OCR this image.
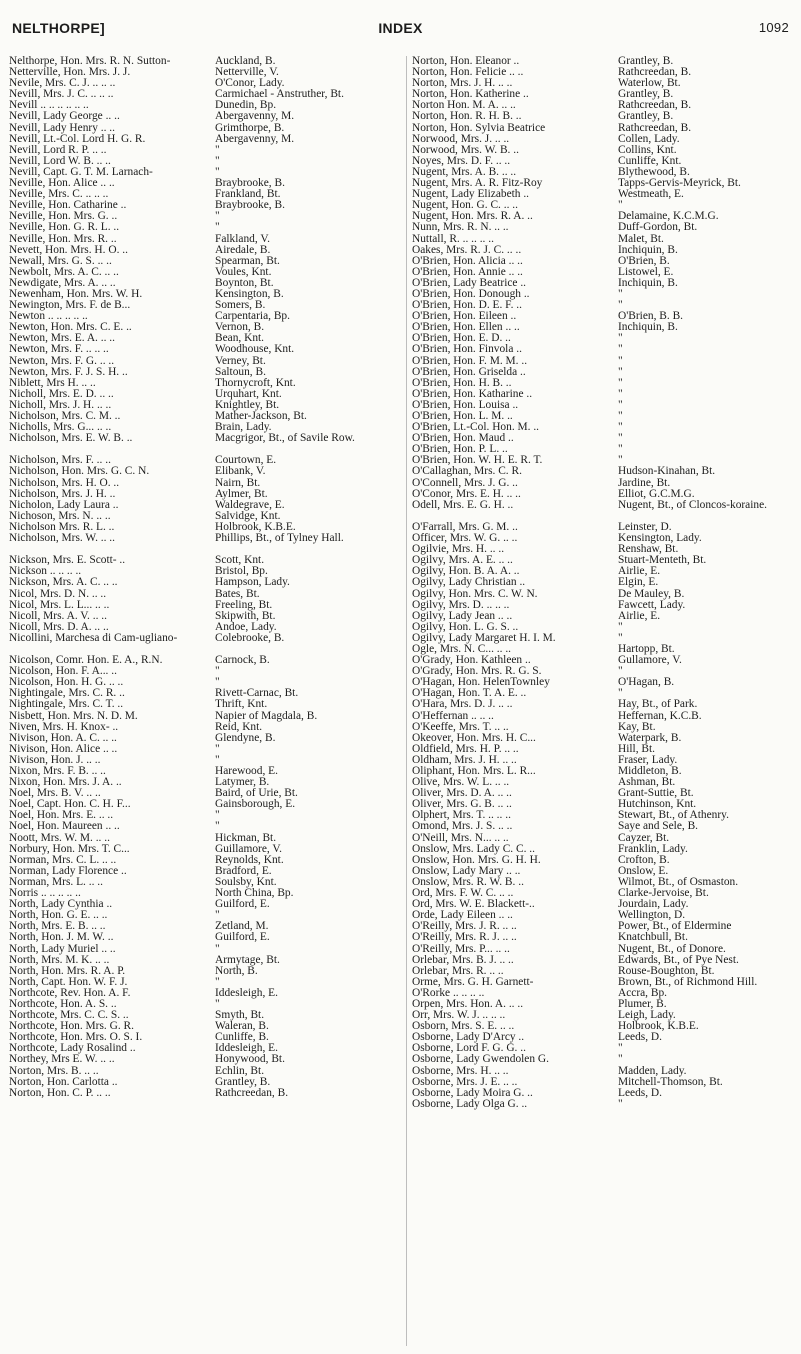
NELTHORPE]	INDEX	1092
Nelthorpe, Hon. Mrs. R. N. Sutton-	Auckland, B.
Netterville, Hon. Mrs. J. J.	Netterville, V.
Nevile, Mrs. C. J. .. .. ..	O'Conor, Lady.
Nevill, Mrs. J. C. .. .. ..	Carmichael - Anstruther, Bt.
Nevill .. .. .. .. .. ..	Dunedin, Bp.
Nevill, Lady George .. ..	Abergavenny, M.
Nevill, Lady Henry .. ..	Grimthorpe, B.
Nevill, Lt.-Col. Lord H. G. R.	Abergavenny, M.
Nevill, Lord R. P. .. ..	"
Nevill, Lord W. B. .. ..	"
Nevill, Capt. G. T. M. Larnach-	"
Neville, Hon. Alice .. ..	Braybrooke, B.
Neville, Mrs. C. .. .. ..	Frankland, Bt.
Neville, Hon. Catharine ..	Braybrooke, B.
Neville, Hon. Mrs. G. ..	"
Neville, Hon. G. R. L. ..	"
Neville, Hon. Mrs. R. ..	Falkland, V.
Nevett, Hon. Mrs. H. O. ..	Airedale, B.
Newall, Mrs. G. S. .. ..	Spearman, Bt.
Newbolt, Mrs. A. C. .. ..	Voules, Knt.
Newdigate, Mrs. A. .. ..	Boynton, Bt.
Newenham, Hon. Mrs. W. H.	Kensington, B.
Newington, Mrs. F. de B...	Somers, B.
Newton .. .. .. .. ..	Carpentaria, Bp.
Newton, Hon. Mrs. C. E. ..	Vernon, B.
Newton, Mrs. E. A. .. ..	Bean, Knt.
Newton, Mrs. F. .. .. ..	Woodhouse, Knt.
Newton, Mrs. F. G. .. ..	Verney, Bt.
Newton, Mrs. F. J. S. H. ..	Saltoun, B.
Niblett, Mrs H. .. ..	Thornycroft, Knt.
Nicholl, Mrs. E. D. .. ..	Urquhart, Knt.
Nicholl, Mrs. J. H. .. ..	Knightley, Bt.
Nicholson, Mrs. C. M. ..	Mather-Jackson, Bt.
Nicholls, Mrs. G... .. ..	Brain, Lady.
Nicholson, Mrs. E. W. B. ..	Macgrigor, Bt., of Savile Row.
Nicholson, Mrs. F. .. ..	Courtown, E.
Nicholson, Hon. Mrs. G. C. N.	Elibank, V.
Nicholson, Mrs. H. O. ..	Nairn, Bt.
Nicholson, Mrs. J. H. ..	Aylmer, Bt.
Nicholon, Lady Laura ..	Waldegrave, E.
Nichoson, Mrs. N. .. ..	Salvidge, Knt.
Nicholson Mrs. R. L. ..	Holbrook, K.B.E.
Nicholson, Mrs. W. .. ..	Phillips, Bt., of Tylney Hall.
Nickson, Mrs. E. Scott- ..	Scott, Knt.
Nickson .. .. .. ..	Bristol, Bp.
Nickson, Mrs. A. C. .. ..	Hampson, Lady.
Nicol, Mrs. D. N. .. ..	Bates, Bt.
Nicol, Mrs. L. L... .. ..	Freeling, Bt.
Nicoll, Mrs. A. V. .. ..	Skipwith, Bt.
Nicoll, Mrs. D. A. .. ..	Andoe, Lady.
Nicollini, Marchesa di Cam-ugliano-	Colebrooke, B.
Nicolson, Comr. Hon. E. A., R.N.	Carnock, B.
Nicolson, Hon. F. A... ..	"
Nicolson, Hon. H. G. .. ..	"
Nightingale, Mrs. C. R. ..	Rivett-Carnac, Bt.
Nightingale, Mrs. C. T. ..	Thrift, Knt.
Nisbett, Hon. Mrs. N. D. M.	Napier of Magdala, B.
Niven, Mrs. H. Knox- ..	Reid, Knt.
Nivison, Hon. A. C. .. ..	Glendyne, B.
Nivison, Hon. Alice .. ..	"
Nivison, Hon. J. .. ..	"
Nixon, Mrs. F. B. .. ..	Harewood, E.
Nixon, Hon. Mrs. J. A. ..	Latymer, B.
Noel, Mrs. B. V. .. ..	Baird, of Urie, Bt.
Noel, Capt. Hon. C. H. F...	Gainsborough, E.
Noel, Hon. Mrs. E. .. ..	"
Noel, Hon. Maureen .. ..	"
Noott, Mrs. W. M. .. ..	Hickman, Bt.
Norbury, Hon. Mrs. T. C...	Guillamore, V.
Norman, Mrs. C. L. .. ..	Reynolds, Knt.
Norman, Lady Florence ..	Bradford, E.
Norman, Mrs. L. .. ..	Soulsby, Knt.
Norris .. .. .. .. ..	North China, Bp.
North, Lady Cynthia ..	Guilford, E.
North, Hon. G. E. .. ..	"
North, Mrs. E. B. .. ..	Zetland, M.
North, Hon. J. M. W. ..	Guilford, E.
North, Lady Muriel .. ..	"
North, Mrs. M. K. .. ..	Armytage, Bt.
North, Hon. Mrs. R. A. P.	North, B.
North, Capt. Hon. W. F. J.	"
Northcote, Rev. Hon. A. F.	Iddesleigh, E.
Northcote, Hon. A. S. ..	"
Northcote, Mrs. C. C. S. ..	Smyth, Bt.
Northcote, Hon. Mrs. G. R.	Waleran, B.
Northcote, Hon. Mrs. O. S. I.	Cunliffe, B.
Northcote, Lady Rosalind ..	Iddesleigh, E.
Northey, Mrs E. W. .. ..	Honywood, Bt.
Norton, Mrs. B. .. ..	Echlin, Bt.
Norton, Hon. Carlotta ..	Grantley, B.
Norton, Hon. C. P. .. ..	Rathcreedan, B.
Norton, Hon. Eleanor ..	Grantley, B.
Norton, Hon. Felicie .. ..	Rathcreedan, B.
Norton, Mrs. J. H. .. ..	Waterlow, Bt.
Norton, Hon. Katherine ..	Grantley, B.
Norton Hon. M. A. .. ..	Rathcreedan, B.
Norton, Hon. R. H. B. ..	Grantley, B.
Norton, Hon. Sylvia Beatrice	Rathcreedan, B.
Norwood, Mrs. J. .. ..	Collen, Lady.
Norwood, Mrs. W. B. ..	Collins, Knt.
Noyes, Mrs. D. F. .. ..	Cunliffe, Knt.
Nugent, Mrs. A. B. .. ..	Blythewood, B.
Nugent, Mrs. A. R. Fitz-Roy	Tapps-Gervis-Meyrick, Bt.
Nugent, Lady Elizabeth ..	Westmeath, E.
Nugent, Hon. G. C. .. ..	"
Nugent, Hon. Mrs. R. A. ..	Delamaine, K.C.M.G.
Nunn, Mrs. R. N. .. ..	Duff-Gordon, Bt.
Nuttall, R. .. .. .. ..	Malet, Bt.
Oakes, Mrs. R. J. C. .. ..	Inchiquin, B.
O'Brien, Hon. Alicia .. ..	O'Brien, B.
O'Brien, Hon. Annie .. ..	Listowel, E.
O'Brien, Lady Beatrice ..	Inchiquin, B.
O'Brien, Hon. Donough ..	"
O'Brien, Hon. D. E. F. ..	"
O'Brien, Hon. Eileen ..	O'Brien, B. B.
O'Brien, Hon. Ellen .. ..	Inchiquin, B.
O'Brien, Hon. E. D. ..	"
O'Brien, Hon. Finvola ..	"
O'Brien, Hon. F. M. M. ..	"
O'Brien, Hon. Griselda ..	"
O'Brien, Hon. H. B. ..	"
O'Brien, Hon. Katharine ..	"
O'Brien, Hon. Louisa ..	"
O'Brien, Hon. L. M. ..	"
O'Brien, Lt.-Col. Hon. M. ..	"
O'Brien, Hon. Maud ..	"
O'Brien, Hon. P. L. ..	"
O'Brien, Hon. W. H. E. R. T.	"
O'Callaghan, Mrs. C. R.	Hudson-Kinahan, Bt.
O'Connell, Mrs. J. G. ..	Jardine, Bt.
O'Conor, Mrs. E. H. .. ..	Elliot, G.C.M.G.
Odell, Mrs. E. G. H. ..	Nugent, Bt., of Cloncos-koraine.
O'Farrall, Mrs. G. M. ..	Leinster, D.
Officer, Mrs. W. G. .. ..	Kensington, Lady.
Ogilvie, Mrs. H. .. ..	Renshaw, Bt.
Ogilvy, Mrs. A. E. .. ..	Stuart-Menteth, Bt.
Ogilvy, Hon. B. A. A. ..	Airlie, E.
Ogilvy, Lady Christian ..	Elgin, E.
Ogilvy, Hon. Mrs. C. W. N.	De Mauley, B.
Ogilvy, Mrs. D. .. .. ..	Fawcett, Lady.
Ogilvy, Lady Jean .. ..	Airlie, E.
Ogilvy, Hon. L. G. S. ..	"
Ogilvy, Lady Margaret H. I. M.	"
Ogle, Mrs. N. C... .. ..	Hartopp, Bt.
O'Grady, Hon. Kathleen ..	Gullamore, V.
O'Grady, Hon. Mrs. R. G. S.	"
O'Hagan, Hon. HelenTownley	O'Hagan, B.
O'Hagan, Hon. T. A. E. ..	"
O'Hara, Mrs. D. J. .. ..	Hay, Bt., of Park.
O'Heffernan .. .. ..	Heffernan, K.C.B.
O'Keeffe, Mrs. T. .. ..	Kay, Bt.
Okeover, Hon. Mrs. H. C...	Waterpark, B.
Oldfield, Mrs. H. P. .. ..	Hill, Bt.
Oldham, Mrs. J. H. .. ..	Fraser, Lady.
Oliphant, Hon. Mrs. L. R...	Middleton, B.
Olive, Mrs. W. L. .. ..	Ashman, Bt.
Oliver, Mrs. D. A. .. ..	Grant-Suttie, Bt.
Oliver, Mrs. G. B. .. ..	Hutchinson, Knt.
Olphert, Mrs. T. .. .. ..	Stewart, Bt., of Athenry.
Omond, Mrs. J. S. .. ..	Saye and Sele, B.
O'Neill, Mrs. N... .. ..	Cayzer, Bt.
Onslow, Mrs. Lady C. C. ..	Franklin, Lady.
Onslow, Hon. Mrs. G. H. H.	Crofton, B.
Onslow, Lady Mary .. ..	Onslow, E.
Onslow, Mrs. R. W. B. ..	Wilmot, Bt., of Osmaston.
Ord, Mrs. F. W. C. .. ..	Clarke-Jervoise, Bt.
Ord, Mrs. W. E. Blackett-..	Jourdain, Lady.
Orde, Lady Eileen .. ..	Wellington, D.
O'Reilly, Mrs. J. R. .. ..	Power, Bt., of Eldermine
O'Reilly, Mrs. R. J. .. ..	Knatchbull, Bt.
O'Reilly, Mrs. P... .. ..	Nugent, Bt., of Donore.
Orlebar, Mrs. B. J. .. ..	Edwards, Bt., of Pye Nest.
Orlebar, Mrs. R. .. ..	Rouse-Boughton, Bt.
Orme, Mrs. G. H. Garnett-	Brown, Bt., of Richmond Hill.
O'Rorke .. .. .. ..	Accra, Bp.
Orpen, Mrs. Hon. A. .. ..	Plumer, B.
Orr, Mrs. W. J. .. .. ..	Leigh, Lady.
Osborn, Mrs. S. E. .. ..	Holbrook, K.B.E.
Osborne, Lady D'Arcy ..	Leeds, D.
Osborne, Lord F. G. G. ..	"
Osborne, Lady Gwendolen G.	"
Osborne, Mrs. H. .. ..	Madden, Lady.
Osborne, Mrs. J. E. .. ..	Mitchell-Thomson, Bt.
Osborne, Lady Moira G. ..	Leeds, D.
Osborne, Lady Olga G. ..	"
